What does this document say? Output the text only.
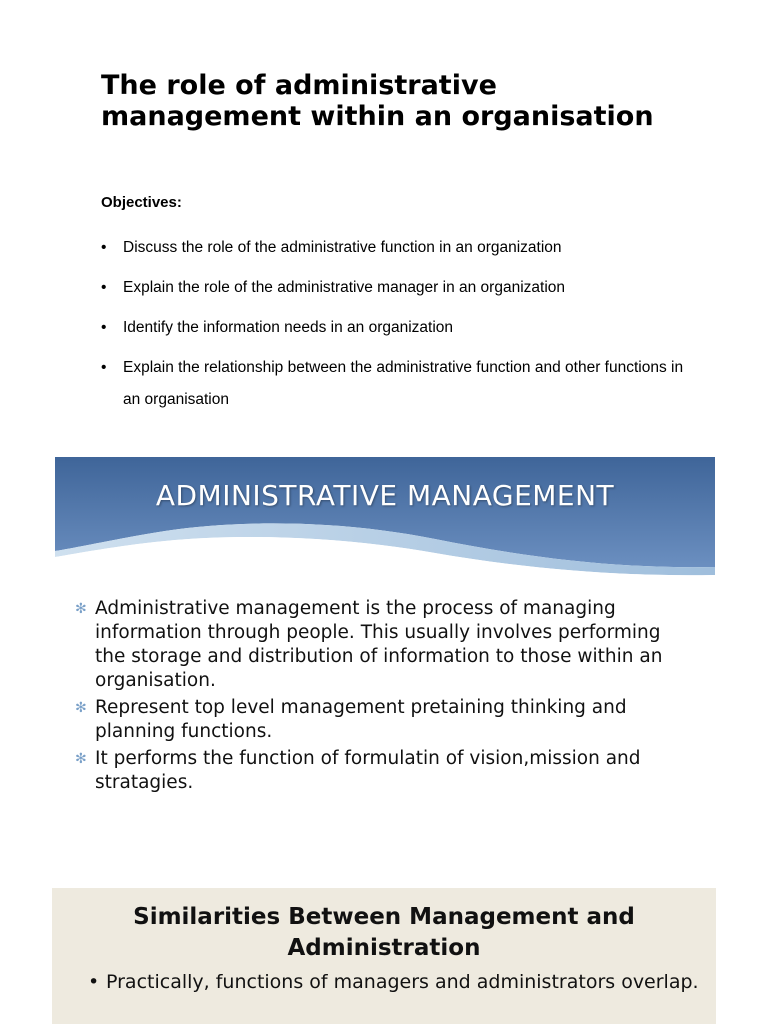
The role of administrative management within an organisation

Objectives:

• Discuss the role of the administrative function in an organization
• Explain the role of the administrative manager in an organization
• Identify the information needs in an organization
• Explain the relationship between the administrative function and other functions in an organisation
ADMINISTRATIVE MANAGEMENT
✻ Administrative management is the process of managing information through people. This usually involves performing the storage and distribution of information to those within an organisation.
✻ Represent top level management pretaining thinking and planning functions.
✻ It performs the function of formulatin of vision,mission and stratagies.
Similarities Between Management and Administration
• Practically, functions of managers and administrators overlap.
